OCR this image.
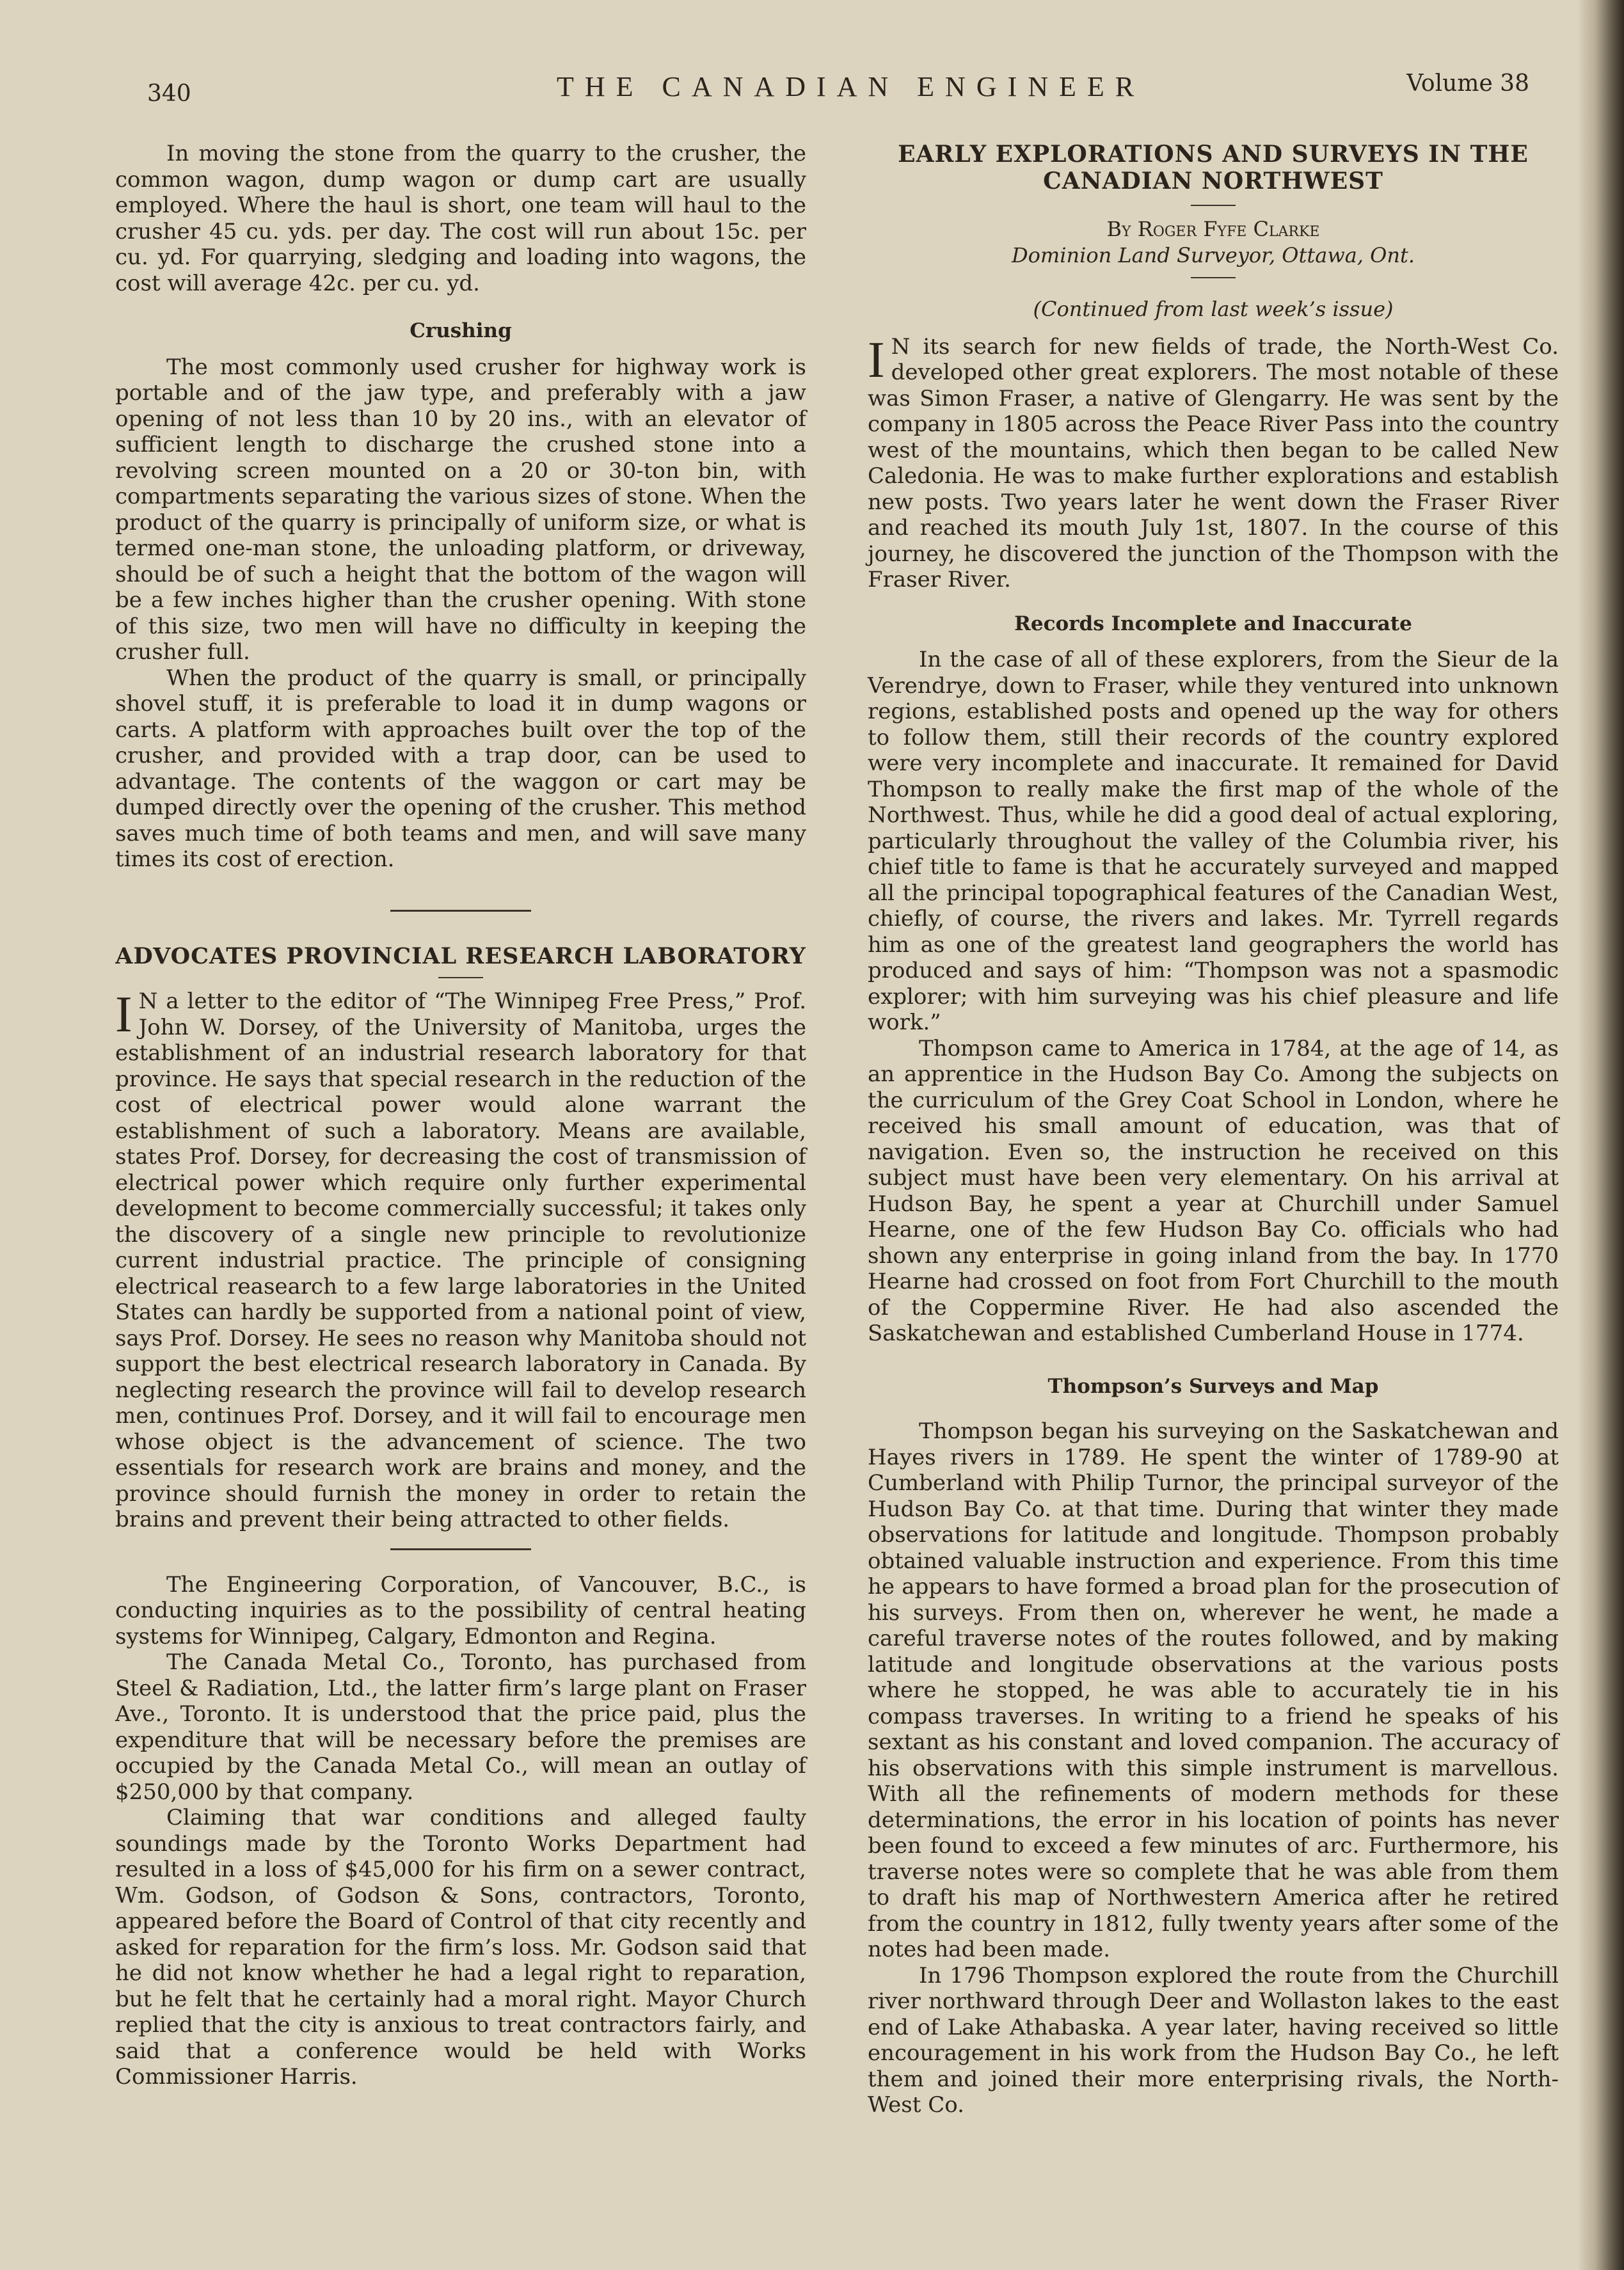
340	THE CANADIAN ENGINEER	Volume 38

In moving the stone from the quarry to the crusher, the common wagon, dump wagon or dump cart are usually employed. Where the haul is short, one team will haul to the crusher 45 cu. yds. per day. The cost will run about 15c. per cu. yd. For quarrying, sledging and loading into wagons, the cost will average 42c. per cu. yd.

Crushing

The most commonly used crusher for highway work is portable and of the jaw type, and preferably with a jaw opening of not less than 10 by 20 ins., with an elevator of sufficient length to discharge the crushed stone into a revolving screen mounted on a 20 or 30-ton bin, with compartments separating the various sizes of stone. When the product of the quarry is principally of uniform size, or what is termed one-man stone, the unloading platform, or driveway, should be of such a height that the bottom of the wagon will be a few inches higher than the crusher opening. With stone of this size, two men will have no difficulty in keeping the crusher full.

When the product of the quarry is small, or principally shovel stuff, it is preferable to load it in dump wagons or carts. A platform with approaches built over the top of the crusher, and provided with a trap door, can be used to advantage. The contents of the waggon or cart may be dumped directly over the opening of the crusher. This method saves much time of both teams and men, and will save many times its cost of erection.

ADVOCATES PROVINCIAL RESEARCH LABORATORY

I N a letter to the editor of “The Winnipeg Free Press,” Prof. John W. Dorsey, of the University of Manitoba, urges the establishment of an industrial research laboratory for that province. He says that special research in the reduction of the cost of electrical power would alone warrant the establishment of such a laboratory. Means are available, states Prof. Dorsey, for decreasing the cost of transmission of electrical power which require only further experimental development to become commercially successful; it takes only the discovery of a single new principle to revolutionize current industrial practice. The principle of consigning electrical reasearch to a few large laboratories in the United States can hardly be supported from a national point of view, says Prof. Dorsey. He sees no reason why Manitoba should not support the best electrical research laboratory in Canada. By neglecting research the province will fail to develop research men, continues Prof. Dorsey, and it will fail to encourage men whose object is the advancement of science. The two essentials for research work are brains and money, and the province should furnish the money in order to retain the brains and prevent their being attracted to other fields.

The Engineering Corporation, of Vancouver, B.C., is conducting inquiries as to the possibility of central heating systems for Winnipeg, Calgary, Edmonton and Regina.

The Canada Metal Co., Toronto, has purchased from Steel & Radiation, Ltd., the latter firm’s large plant on Fraser Ave., Toronto. It is understood that the price paid, plus the expenditure that will be necessary before the premises are occupied by the Canada Metal Co., will mean an outlay of $250,000 by that company.

Claiming that war conditions and alleged faulty soundings made by the Toronto Works Department had resulted in a loss of $45,000 for his firm on a sewer contract, Wm. Godson, of Godson & Sons, contractors, Toronto, appeared before the Board of Control of that city recently and asked for reparation for the firm’s loss. Mr. Godson said that he did not know whether he had a legal right to reparation, but he felt that he certainly had a moral right. Mayor Church replied that the city is anxious to treat contractors fairly, and said that a conference would be held with Works Commissioner Harris.

EARLY EXPLORATIONS AND SURVEYS IN THE CANADIAN NORTHWEST
By Roger Fyfe Clarke
Dominion Land Surveyor, Ottawa, Ont.
(Continued from last week’s issue)

I N its search for new fields of trade, the North-West Co. developed other great explorers. The most notable of these was Simon Fraser, a native of Glengarry. He was sent by the company in 1805 across the Peace River Pass into the country west of the mountains, which then began to be called New Caledonia. He was to make further explorations and establish new posts. Two years later he went down the Fraser River and reached its mouth July 1st, 1807. In the course of this journey, he discovered the junction of the Thompson with the Fraser River.

Records Incomplete and Inaccurate

In the case of all of these explorers, from the Sieur de la Verendrye, down to Fraser, while they ventured into unknown regions, established posts and opened up the way for others to follow them, still their records of the country explored were very incomplete and inaccurate. It remained for David Thompson to really make the first map of the whole of the Northwest. Thus, while he did a good deal of actual exploring, particularly throughout the valley of the Columbia river, his chief title to fame is that he accurately surveyed and mapped all the principal topographical features of the Canadian West, chiefly, of course, the rivers and lakes. Mr. Tyrrell regards him as one of the greatest land geographers the world has produced and says of him: “Thompson was not a spasmodic explorer; with him surveying was his chief pleasure and life work.”

Thompson came to America in 1784, at the age of 14, as an apprentice in the Hudson Bay Co. Among the subjects on the curriculum of the Grey Coat School in London, where he received his small amount of education, was that of navigation. Even so, the instruction he received on this subject must have been very elementary. On his arrival at Hudson Bay, he spent a year at Churchill under Samuel Hearne, one of the few Hudson Bay Co. officials who had shown any enterprise in going inland from the bay. In 1770 Hearne had crossed on foot from Fort Churchill to the mouth of the Coppermine River. He had also ascended the Saskatchewan and established Cumberland House in 1774.

Thompson’s Surveys and Map

Thompson began his surveying on the Saskatchewan and Hayes rivers in 1789. He spent the winter of 1789-90 at Cumberland with Philip Turnor, the principal surveyor of the Hudson Bay Co. at that time. During that winter they made observations for latitude and longitude. Thompson probably obtained valuable instruction and experience. From this time he appears to have formed a broad plan for the prosecution of his surveys. From then on, wherever he went, he made a careful traverse notes of the routes followed, and by making latitude and longitude observations at the various posts where he stopped, he was able to accurately tie in his compass traverses. In writing to a friend he speaks of his sextant as his constant and loved companion. The accuracy of his observations with this simple instrument is marvellous. With all the refinements of modern methods for these determinations, the error in his location of points has never been found to exceed a few minutes of arc. Furthermore, his traverse notes were so complete that he was able from them to draft his map of Northwestern America after he retired from the country in 1812, fully twenty years after some of the notes had been made.

In 1796 Thompson explored the route from the Churchill river northward through Deer and Wollaston lakes to the east end of Lake Athabaska. A year later, having received so little encouragement in his work from the Hudson Bay Co., he left them and joined their more enterprising rivals, the North-West Co.
